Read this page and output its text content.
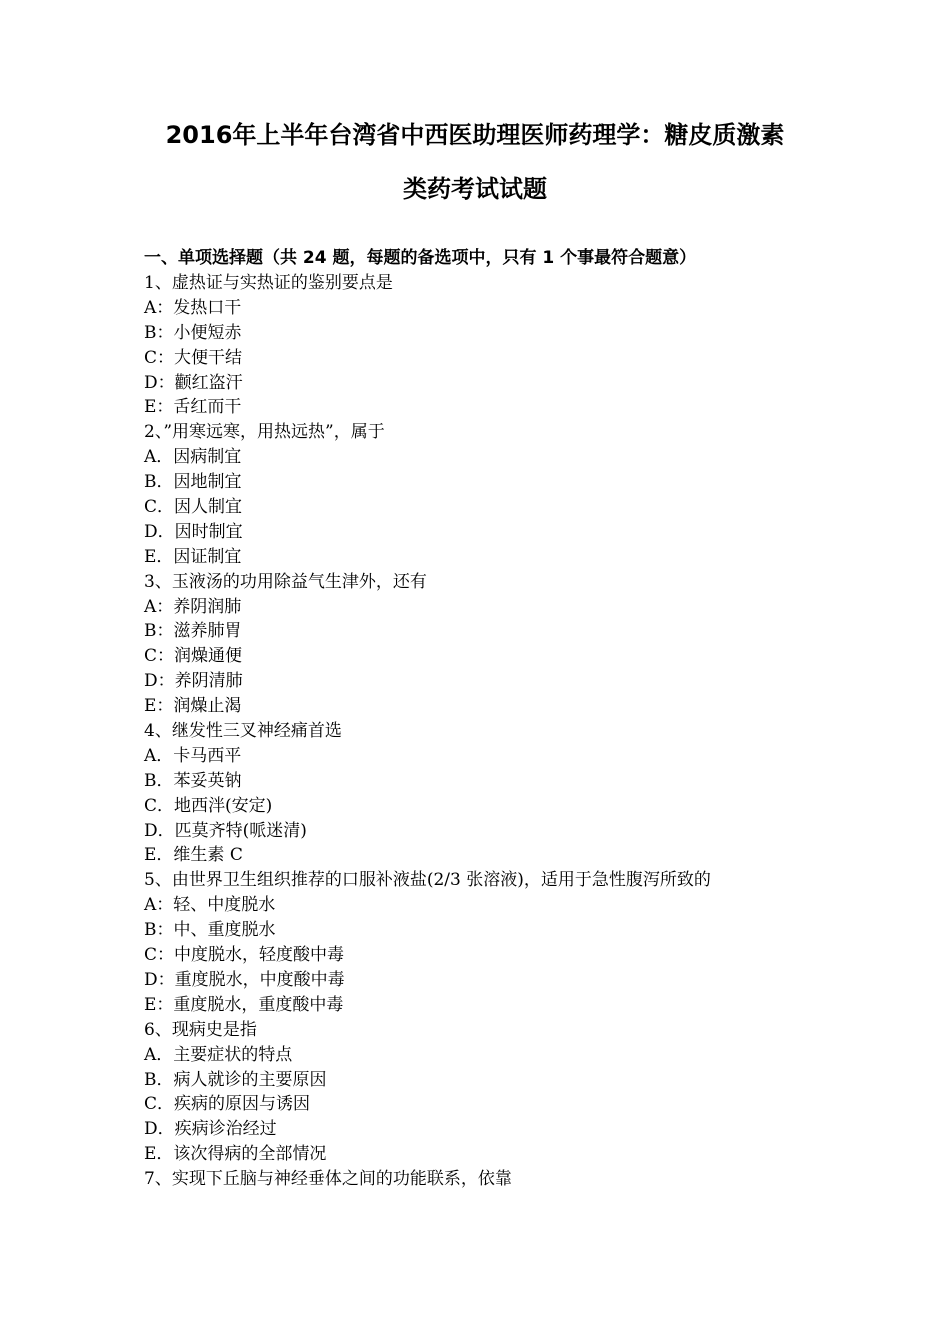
2016年上半年台湾省中西医助理医师药理学：糖皮质激素
类药考试试题
一、单项选择题（共 24 题，每题的备选项中，只有 1 个事最符合题意）
1、虚热证与实热证的鉴别要点是
A：发热口干
B：小便短赤
C：大便干结
D：颧红盗汗
E：舌红而干
2、”用寒远寒，用热远热”，属于
A．因病制宜
B．因地制宜
C．因人制宜
D．因时制宜
E．因证制宜
3、玉液汤的功用除益气生津外，还有
A：养阴润肺
B：滋养肺胃
C：润燥通便
D：养阴清肺
E：润燥止渴
4、继发性三叉神经痛首选
A．卡马西平
B．苯妥英钠
C．地西泮(安定)
D．匹莫齐特(哌迷清)
E．维生素 C
5、由世界卫生组织推荐的口服补液盐(2/3 张溶液)，适用于急性腹泻所致的
A：轻、中度脱水
B：中、重度脱水
C：中度脱水，轻度酸中毒
D：重度脱水，中度酸中毒
E：重度脱水，重度酸中毒
6、现病史是指
A．主要症状的特点
B．病人就诊的主要原因
C．疾病的原因与诱因
D．疾病诊治经过
E．该次得病的全部情况
7、实现下丘脑与神经垂体之间的功能联系，依靠
